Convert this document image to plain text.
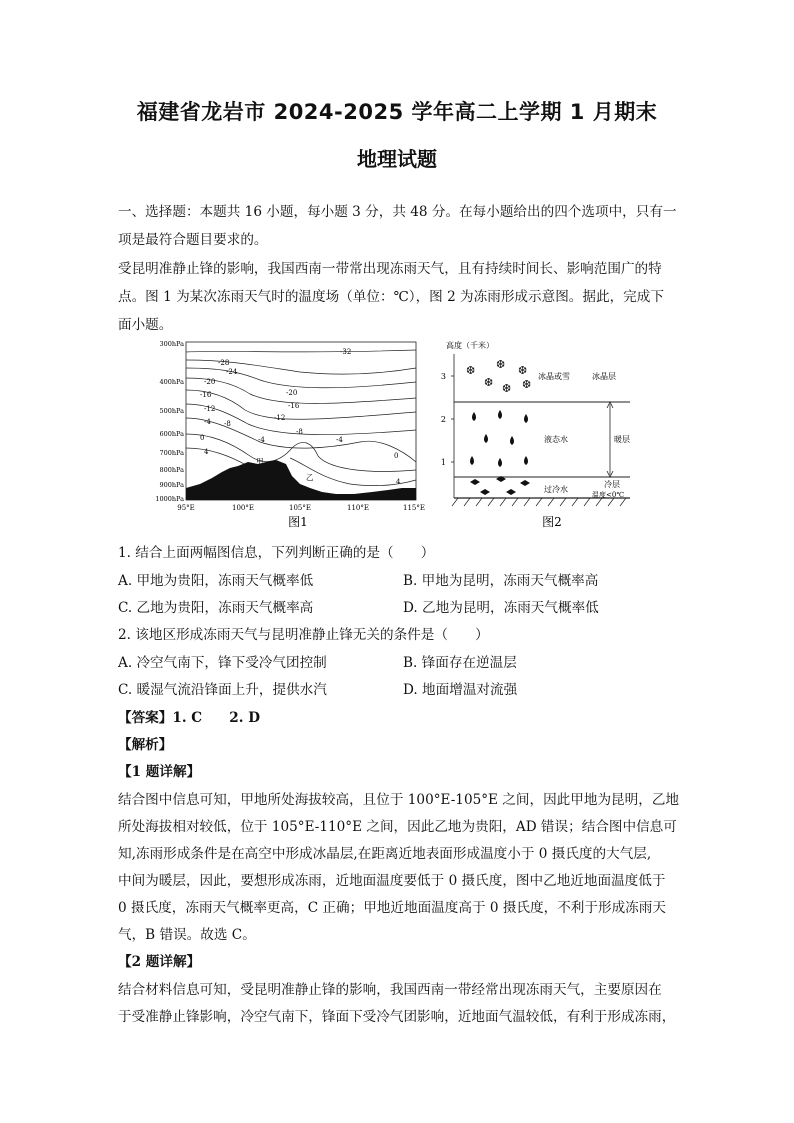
福建省龙岩市 2024-2025 学年高二上学期 1 月期末
地理试题
一、选择题：本题共 16 小题，每小题 3 分，共 48 分。在每小题给出的四个选项中，只有一
项是最符合题目要求的。
受昆明准静止锋的影响，我国西南一带常出现冻雨天气，且有持续时间长、影响范围广的特
点。图 1 为某次冻雨天气时的温度场（单位：℃），图 2 为冻雨形成示意图。据此，完成下
面小题。
300hPa
400hPa
500hPa
600hPa
700hPa
800hPa
900hPa
1000hPa
-32
-28
-24
-20
-20
-16
-16
-12
-12
-8
-8
-4
-4	-4
0
0
4
4
甲
乙
95°E	100°E	105°E	110°E	115°E
图1
高度（千米）
3
2
1
❆ ❆ ❆
❆ ❆ ❆
冰晶或雪	冰晶层
液态水	暖层
过冷水
冷层
温度<0℃
图2
1. 结合上面两幅图信息，下列判断正确的是（　　）
A. 甲地为贵阳，冻雨天气概率低	B. 甲地为昆明，冻雨天气概率高
C. 乙地为贵阳，冻雨天气概率高	D. 乙地为昆明，冻雨天气概率低
2. 该地区形成冻雨天气与昆明准静止锋无关的条件是（　　）
A. 冷空气南下，锋下受冷气团控制	B. 锋面存在逆温层
C. 暖湿气流沿锋面上升，提供水汽	D. 地面增温对流强
【答案】1. C　　2. D
【解析】
【1 题详解】
结合图中信息可知，甲地所处海拔较高，且位于 100°E-105°E 之间，因此甲地为昆明，乙地
所处海拔相对较低，位于 105°E-110°E 之间，因此乙地为贵阳，AD 错误；结合图中信息可
知,冻雨形成条件是在高空中形成冰晶层,在距离近地表面形成温度小于 0 摄氏度的大气层,
中间为暖层，因此，要想形成冻雨，近地面温度要低于 0 摄氏度，图中乙地近地面温度低于
0 摄氏度，冻雨天气概率更高，C 正确；甲地近地面温度高于 0 摄氏度，不利于形成冻雨天
气，B 错误。故选 C。
【2 题详解】
结合材料信息可知，受昆明准静止锋的影响，我国西南一带经常出现冻雨天气，主要原因在
于受准静止锋影响，冷空气南下，锋面下受冷气团影响，近地面气温较低，有利于形成冻雨，
